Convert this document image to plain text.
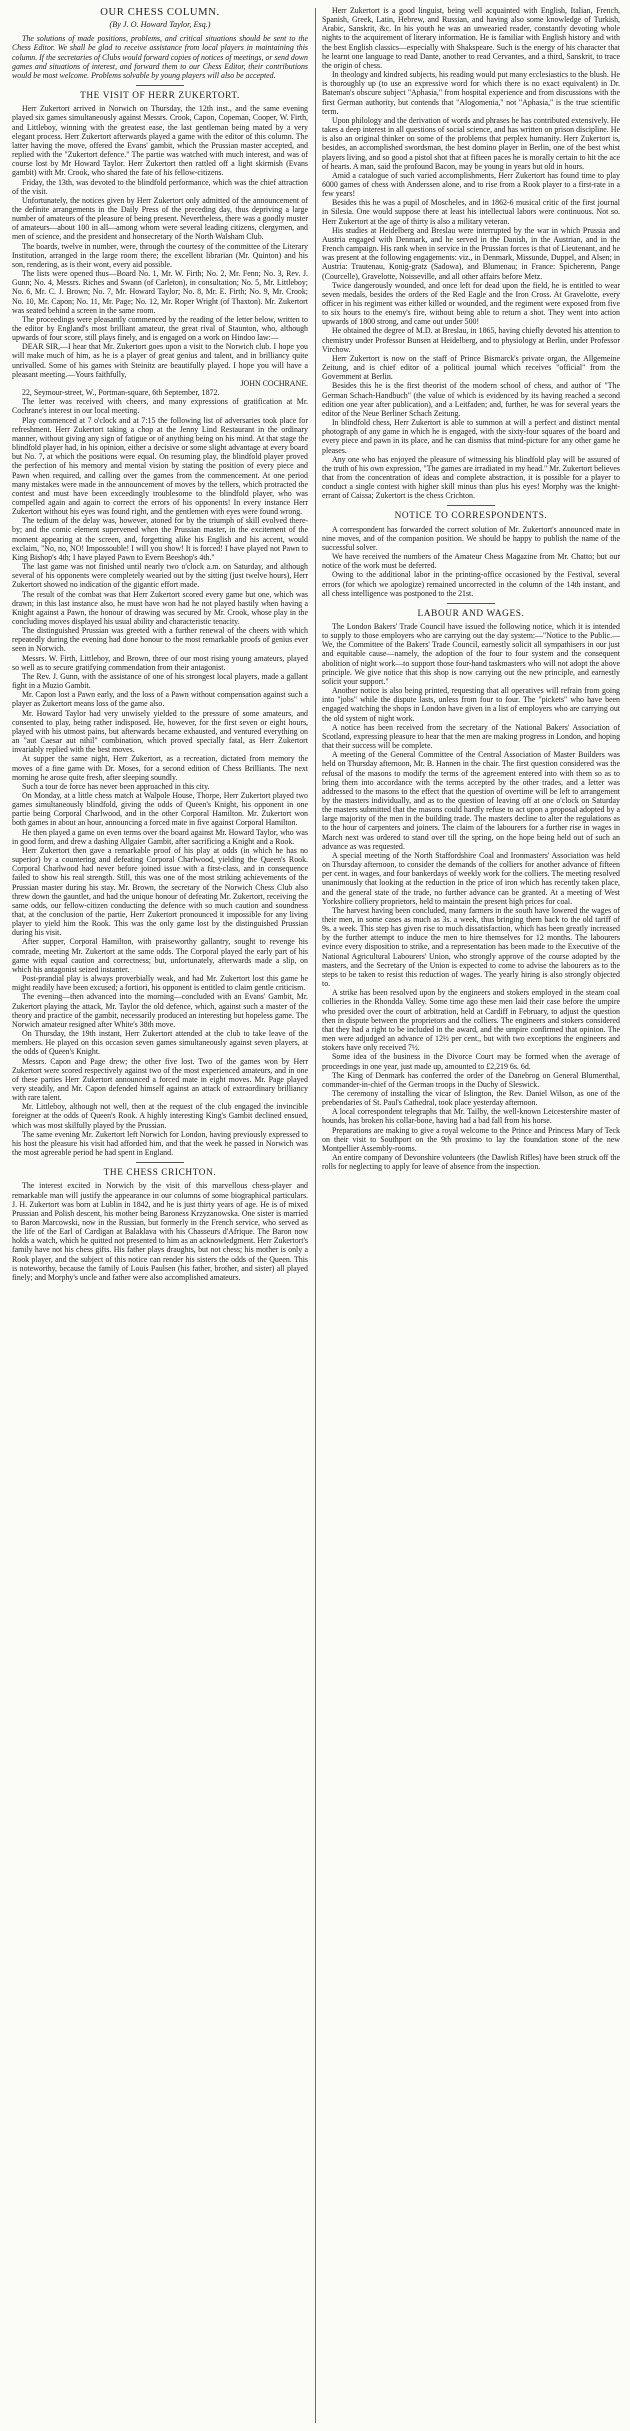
OUR CHESS COLUMN.
(By J. O. Howard Taylor, Esq.)

The solutions of made positions, problems, and critical situations should be sent to the Chess Editor. We shall be glad to receive assistance from local players in maintaining this column. If the secretaries of Clubs would forward copies of notices of meetings, or send down games and situations of interest, and forward them to our Chess Editor, their contributions would be most welcome. Problems solvable by young players will also be accepted.

THE VISIT OF HERR ZUKERTORT.

Herr Zukertort arrived in Norwich on Thursday, the 12th inst., and the same evening played six games simultaneously against Messrs. Crook, Capon, Copeman, Cooper, W. Firth, and Littleboy, winning with the greatest ease, the last gentleman being mated by a very elegant process. Herr Zukertort afterwards played a game with the editor of this column. The latter having the move, offered the Evans' gambit, which the Prussian master accepted, and replied with the "Zukertort defence." The partie was watched with much interest, and was of course lost by Mr Howard Taylor. Herr Zukertort then rattled off a light skirmish (Evans gambit) with Mr. Crook, who shared the fate of his fellow-citizens.

Friday, the 13th, was devoted to the blindfold performance, which was the chief attraction of the visit.

Unfortunately, the notices given by Herr Zukertort only admitted of the announcement of the definite arrangements in the Daily Press of the preceding day, thus depriving a large number of amateurs of the pleasure of being present. Nevertheless, there was a goodly muster of amateurs—about 100 in all—among whom were several leading citizens, clergymen, and men of science, and the president and honsecretary of the North Walsham Club.

The boards, twelve in number, were, through the courtesy of the committee of the Literary Institution, arranged in the large room there; the excellent librarian (Mr. Quinton) and his son, rendering, as is their wont, every aid possible.

The lists were opened thus—Board No. 1, Mr. W. Firth; No. 2, Mr. Fenn; No. 3, Rev. J. Gunn; No. 4, Messrs. Riches and Swann (of Carleton), in consultation; No. 5, Mr. Littleboy; No. 6, Mr. C. J. Brown; No. 7, Mr. Howard Taylor; No. 8, Mr. E. Firth; No. 9, Mr. Crook; No. 10, Mr. Capon; No. 11, Mr. Page; No. 12, Mr. Roper Wright (of Thaxton). Mr. Zukertort was seated behind a screen in the same room.

The proceedings were pleasantly commenced by the reading of the letter below, written to the editor by England's most brilliant amateur, the great rival of Staunton, who, although upwards of four score, still plays finely, and is engaged on a work on Hindoo law:—

DEAR SIR,—I hear that Mr. Zukertort goes upon a visit to the Norwich club. I hope you will make much of him, as he is a player of great genius and talent, and in brilliancy quite unrivalled. Some of his games with Steinitz are beautifully played. I hope you will have a pleasant meeting.—Yours faithfully,

JOHN COCHRANE.

22, Seymour-street, W., Portman-square, 6th September, 1872.

The letter was received with cheers, and many expressions of gratification at Mr. Cochrane's interest in our local meeting.

Play commenced at 7 o'clock and at 7:15 the following list of adversaries took place for refreshment. Herr Zukertort taking a chop at the Jenny Lind Restaurant in the ordinary manner, without giving any sign of fatigue or of anything being on his mind. At that stage the blindfold player had, in his opinion, either a decisive or some slight advantage at every board but No. 7, at which the positions were equal. On resuming play, the blindfold player proved the perfection of his memory and mental vision by stating the position of every piece and Pawn when required, and calling over the games from the commencement. At one period many mistakes were made in the announcement of moves by the tellers, which protracted the contest and must have been exceedingly troublesome to the blindfold player, who was compelled again and again to correct the errors of his opponents! In every instance Herr Zukertort without his eyes was found right, and the gentlemen with eyes were found wrong.

The tedium of the delay was, however, atoned for by the triumph of skill evolved there-by; and the comic element supervened when the Prussian master, in the excitement of the moment appearing at the screen, and, forgetting alike his English and his accent, would exclaim, "No, no, NO! Impossouble! I will you show! It is forced! I have played not Pawn to King Bishop's 4th; I have played Pawn to Evern Beeshop's 4th."

The last game was not finished until nearly two o'clock a.m. on Saturday, and although several of his opponents were completely wearied out by the sitting (just twelve hours), Herr Zukertort showed no indication of the gigantic effort made.

The result of the combat was that Herr Zukertort scored every game but one, which was drawn; in this last instance also, he must have won had he not played hastily when having a Knight against a Pawn, the honour of drawing was secured by Mr. Crook, whose play in the concluding moves displayed his usual ability and characteristic tenacity.

The distinguished Prussian was greeted with a further renewal of the cheers with which repeatedly during the evening had done honour to the most remarkable proofs of genius ever seen in Norwich.

Messrs. W. Firth, Littleboy, and Brown, three of our most rising young amateurs, played so well as to secure gratifying commendation from their antagonist.

The Rev. J. Gunn, with the assistance of one of his strongest local players, made a gallant fight in a Muzio Gambit.

Mr. Capon lost a Pawn early, and the loss of a Pawn without compensation against such a player as Zukertort means loss of the game also.

Mr. Howard Taylor had very unwisely yielded to the pressure of some amateurs, and consented to play, being rather indisposed. He, however, for the first seven or eight hours, played with his utmost pains, but afterwards became exhausted, and ventured everything on an "aut Caesar aut nihil" combination, which proved specially fatal, as Herr Zukertort invariably replied with the best moves.

At supper the same night, Herr Zukertort, as a recreation, dictated from memory the moves of a fine game with Dr. Moses, for a second edition of Chess Brilliants. The next morning he arose quite fresh, after sleeping soundly.

Such a tour de force has never been approached in this city.

On Monday, at a little chess match at Walpole House, Thorpe, Herr Zukertort played two games simultaneously blindfold, giving the odds of Queen's Knight, his opponent in one partie being Corporal Charlwood, and in the other Corporal Hamilton. Mr. Zukertort won both games in about an hour, announcing a forced mate in five against Corporal Hamilton.

He then played a game on even terms over the board against Mr. Howard Taylor, who was in good form, and drew a dashing Allgaier Gambit, after sacrificing a Knight and a Rook.

Herr Zukertort then gave a remarkable proof of his play at odds (in which he has no superior) by a countering and defeating Corporal Charlwood, yielding the Queen's Rook. Corporal Charlwood had never before joined issue with a first-class, and in consequence failed to show his real strength. Still, this was one of the most striking achievements of the Prussian master during his stay. Mr. Brown, the secretary of the Norwich Chess Club also threw down the gauntlet, and had the unique honour of defeating Mr. Zukertort, receiving the same odds, our fellow-citizen conducting the defence with so much caution and soundness that, at the conclusion of the partie, Herr Zukertort pronounced it impossible for any living player to yield him the Rook. This was the only game lost by the distinguished Prussian during his visit.

After supper, Corporal Hamilton, with praiseworthy gallantry, sought to revenge his comrade, meeting Mr. Zukertort at the same odds. The Corporal played the early part of his game with equal caution and correctness; but, unfortunately, afterwards made a slip, on which his antagonist seized instanter.

Post-prandial play is always proverbially weak, and had Mr. Zukertort lost this game he might readily have been excused; a fortiori, his opponent is entitled to claim gentle criticism.

The evening—then advanced into the morning—concluded with an Evans' Gambit, Mr. Zukertort playing the attack, Mr. Taylor the old defence, which, against such a master of the theory and practice of the gambit, necessarily produced an interesting but hopeless game. The Norwich amateur resigned after White's 38th move.

On Thursday, the 19th instant, Herr Zukertort attended at the club to take leave of the members. He played on this occasion seven games simultaneously against seven players, at the odds of Queen's Knight.

Messrs. Capon and Page drew; the other five lost. Two of the games won by Herr Zukertort were scored respectively against two of the most experienced amateurs, and in one of these parties Herr Zukertort announced a forced mate in eight moves. Mr. Page played very steadily, and Mr. Capon defended himself against an attack of extraordinary brilliancy with rare talent.

Mr. Littleboy, although not well, then at the request of the club engaged the invincible foreigner at the odds of Queen's Rook. A highly interesting King's Gambit declined ensued, which was most skilfully played by the Prussian.

The same evening Mr. Zukertort left Norwich for London, having previously expressed to his host the pleasure his visit had afforded him, and that the week he passed in Norwich was the most agreeable period he had spent in England.

THE CHESS CRICHTON.

The interest excited in Norwich by the visit of this marvellous chess-player and remarkable man will justify the appearance in our columns of some biographical particulars. J. H. Zukertort was born at Lublin in 1842, and he is just thirty years of age. He is of mixed Prussian and Polish descent, his mother being Baroness Krzyzanowska. One sister is married to Baron Marcowski, now in the Russian, but formerly in the French service, who served as the life of the Earl of Cardigan at Balaklava with his Chasseurs d'Afrique. The Baron now holds a watch, which he quitted not presented to him as an acknowledgment. Herr Zukertort's family have not his chess gifts. His father plays draughts, but not chess; his mother is only a Rook player, and the subject of this notice can render his sisters the odds of the Queen. This is noteworthy, because the family of Louis Paulsen (his father, brother, and sister) all played finely; and Morphy's uncle and father were also accomplished amateurs.

Herr Zukertort is a good linguist, being well acquainted with English, Italian, French, Spanish, Greek, Latin, Hebrew, and Russian, and having also some knowledge of Turkish, Arabic, Sanskrit, &c. In his youth he was an unwearied reader, constantly devoting whole nights to the acquirement of literary information. He is familiar with English history and with the best English classics—especially with Shakspeare. Such is the energy of his character that he learnt one language to read Dante, another to read Cervantes, and a third, Sanskrit, to trace the origin of chess.

In theology and kindred subjects, his reading would put many ecclesiastics to the blush. He is thoroughly up (to use an expressive word for which there is no exact equivalent) in Dr. Bateman's obscure subject "Aphasia," from hospital experience and from discussions with the first German authority, but contends that "Alogomenia," not "Aphasia," is the true scientific term.

Upon philology and the derivation of words and phrases he has contributed extensively. He takes a deep interest in all questions of social science, and has written on prison discipline. He is also an original thinker on some of the problems that perplex humanity. Herr Zukertort is, besides, an accomplished swordsman, the best domino player in Berlin, one of the best whist players living, and so good a pistol shot that at fifteen paces he is morally certain to hit the ace of hearts. A man, said the profound Bacon, may be young in years but old in hours.

Amid a catalogue of such varied accomplishments, Herr Zukertort has found time to play 6000 games of chess with Anderssen alone, and to rise from a Rook player to a first-rate in a few years!

Besides this he was a pupil of Moscheles, and in 1862-6 musical critic of the first journal in Silesia. One would suppose there at least his intellectual labors were continuous. Not so. Herr Zukertort at the age of thirty is also a military veteran.

His studies at Heidelberg and Breslau were interrupted by the war in which Prussia and Austria engaged with Denmark, and he served in the Danish, in the Austrian, and in the French campaign. His rank when in service in the Prussian forces is that of Lieutenant, and he was present at the following engagements: viz., in Denmark, Missunde, Duppel, and Alsen; in Austria: Trautenau, Konig-gratz (Sadowa), and Blumenau; in France: Spicherenn, Pange (Courcelle), Gravelotte, Noisseville, and all other affairs before Metz.

Twice dangerously wounded, and once left for dead upon the field, he is entitled to wear seven medals, besides the orders of the Red Eagle and the Iron Cross. At Gravelotte, every officer in his regiment was either killed or wounded, and the regiment were exposed from five to six hours to the enemy's fire, without being able to return a shot. They went into action upwards of 1800 strong, and came out under 500!

He obtained the degree of M.D. at Breslau, in 1865, having chiefly devoted his attention to chemistry under Professor Bunsen at Heidelberg, and to physiology at Berlin, under Professor Virchow.

Herr Zukertort is now on the staff of Prince Bismarck's private organ, the Allgemeine Zeitung, and is chief editor of a political journal which receives "official" from the Government at Berlin.

Besides this he is the first theorist of the modern school of chess, and author of "The German Schach-Handbuch" (the value of which is evidenced by its having reached a second edition one year after publication), and a Leitfaden; and, further, he was for several years the editor of the Neue Berliner Schach Zeitung.

In blindfold chess, Herr Zukertort is able to summon at will a perfect and distinct mental photograph of any game in which he is engaged, with the sixty-four squares of the board and every piece and pawn in its place, and he can dismiss that mind-picture for any other game he pleases.

Any one who has enjoyed the pleasure of witnessing his blindfold play will be assured of the truth of his own expression, "The games are irradiated in my head." Mr. Zukertort believes that from the concentration of ideas and complete abstraction, it is possible for a player to conduct a single contest with higher skill minus than plus his eyes! Morphy was the knight-errant of Caissa; Zukertort is the chess Crichton.

NOTICE TO CORRESPONDENTS.

A correspondent has forwarded the correct solution of Mr. Zukertort's announced mate in nine moves, and of the companion position. We should be happy to publish the name of the successful solver.

We have received the numbers of the Amateur Chess Magazine from Mr. Chatto; but our notice of the work must be deferred.

Owing to the additional labor in the printing-office occasioned by the Festival, several errors (for which we apologize) remained uncorrected in the column of the 14th instant, and all chess intelligence was postponed to the 21st.

LABOUR AND WAGES.

The London Bakers' Trade Council have issued the following notice, which it is intended to supply to those employers who are carrying out the day system:—"Notice to the Public.—We, the Committee of the Bakers' Trade Council, earnestly solicit all sympathisers in our just and equitable cause—namely, the adoption of the four to four system and the consequent abolition of night work—to support those four-hand taskmasters who will not adopt the above principle. We give notice that this shop is now carrying out the new principle, and earnestly solicit your support."

Another notice is also being printed, requesting that all operatives will refrain from going into "jobs" while the dispute lasts, unless from four to four. The "pickets" who have been engaged watching the shops in London have given in a list of employers who are carrying out the old system of night work.

A notice has been received from the secretary of the National Bakers' Association of Scotland, expressing pleasure to hear that the men are making progress in London, and hoping that their success will be complete.

A meeting of the General Committee of the Central Association of Master Builders was held on Thursday afternoon, Mr. B. Hannen in the chair. The first question considered was the refusal of the masons to modify the terms of the agreement entered into with them so as to bring them into accordance with the terms accepted by the other trades, and a letter was addressed to the masons to the effect that the question of overtime will be left to arrangement by the masters individually, and as to the question of leaving off at one o'clock on Saturday the masters submitted that the masons could hardly refuse to act upon a proposal adopted by a large majority of the men in the building trade. The masters decline to alter the regulations as to the hour of carpenters and joiners. The claim of the labourers for a further rise in wages in March next was ordered to stand over till the spring, on the hope being held out of such an advance as was requested.

A special meeting of the North Staffordshire Coal and Ironmasters' Association was held on Thursday afternoon, to consider the demands of the colliers for another advance of fifteen per cent. in wages, and four bankerdays of weekly work for the colliers. The meeting resolved unanimously that looking at the reduction in the price of iron which has recently taken place, and the general state of the trade, no further advance can be granted. At a meeting of West Yorkshire colliery proprietors, held to maintain the present high prices for coal.

The harvest having been concluded, many farmers in the south have lowered the wages of their men, in some cases as much as 3s. a week, thus bringing them back to the old tariff of 9s. a week. This step has given rise to much dissatisfaction, which has been greatly increased by the further attempt to induce the men to hire themselves for 12 months. The labourers evince every disposition to strike, and a representation has been made to the Executive of the National Agricultural Labourers' Union, who strongly approve of the course adopted by the masters, and the Secretary of the Union is expected to come to advise the labourers as to the steps to be taken to resist this reduction of wages. The yearly hiring is also strongly objected to.

A strike has been resolved upon by the engineers and stokers employed in the steam coal collieries in the Rhondda Valley. Some time ago these men laid their case before the umpire who presided over the court of arbitration, held at Cardiff in February, to adjust the question then in dispute between the proprietors and the colliers. The engineers and stokers considered that they had a right to be included in the award, and the umpire confirmed that opinion. The men were adjudged an advance of 12½ per cent., but with two exceptions the engineers and stokers have only received 7½.

Some idea of the business in the Divorce Court may be formed when the average of proceedings in one year, just made up, amounted to £2,219 6s. 6d.

The King of Denmark has conferred the order of the Danebrog on General Blumenthal, commander-in-chief of the German troops in the Duchy of Sleswick.

The ceremony of installing the vicar of Islington, the Rev. Daniel Wilson, as one of the prebendaries of St. Paul's Cathedral, took place yesterday afternoon.

A local correspondent telegraphs that Mr. Tailby, the well-known Leicestershire master of hounds, has broken his collar-bone, having had a bad fall from his horse.

Preparations are making to give a royal welcome to the Prince and Princess Mary of Teck on their visit to Southport on the 9th proximo to lay the foundation stone of the new Montpellier Assembly-rooms.

An entire company of Devonshire volunteers (the Dawlish Rifles) have been struck off the rolls for neglecting to apply for leave of absence from the inspection.
